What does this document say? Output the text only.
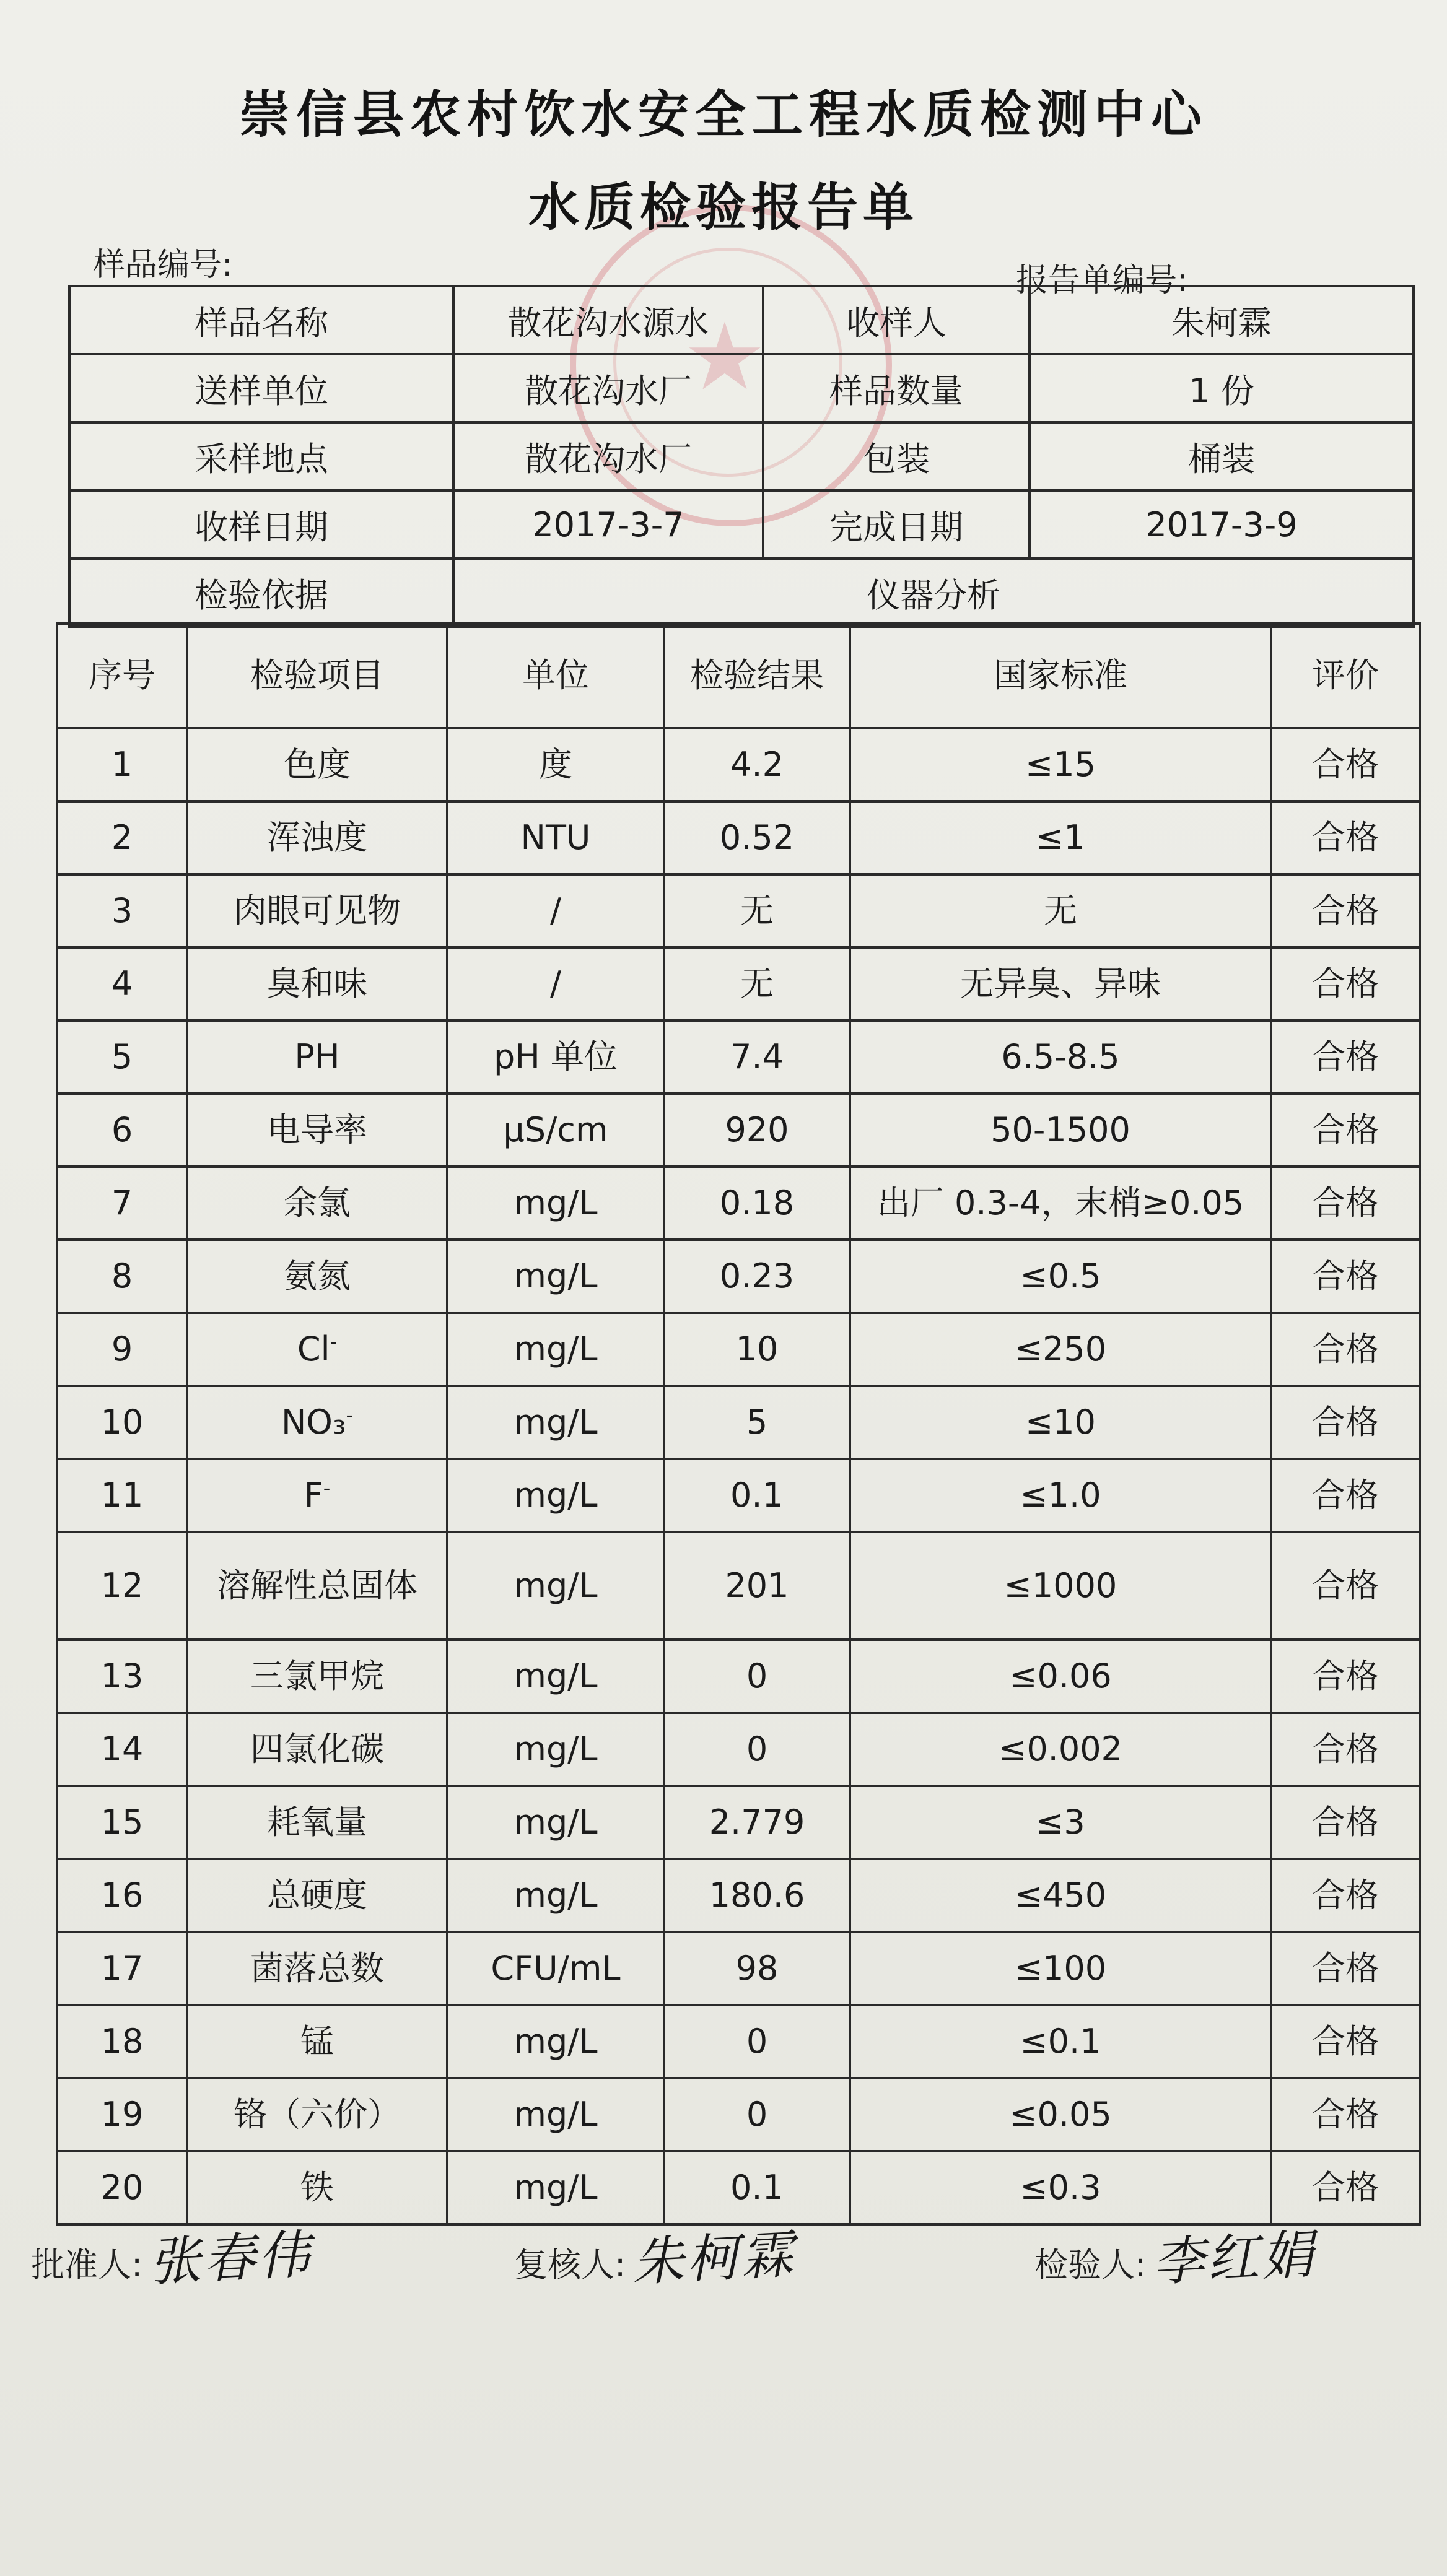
★
崇信县农村饮水安全工程水质检测中心
水质检验报告单
样品编号:	报告单编号:
样品名称	散花沟水源水	收样人	朱柯霖
送样单位	散花沟水厂	样品数量	1 份
采样地点	散花沟水厂	包装	桶装
收样日期	2017-3-7	完成日期	2017-3-9
检验依据	仪器分析		
序号	检验项目	单位	检验结果	国家标准	评价
1	色度	度	4.2	≤15	合格
2	浑浊度	NTU	0.52	≤1	合格
3	肉眼可见物	/	无	无	合格
4	臭和味	/	无	无异臭、异味	合格
5	PH	pH 单位	7.4	6.5-8.5	合格
6	电导率	μS/cm	920	50-1500	合格
7	余氯	mg/L	0.18	出厂 0.3-4，末梢≥0.05	合格
8	氨氮	mg/L	0.23	≤0.5	合格
9	Cl-	mg/L	10	≤250	合格
10	NO₃-	mg/L	5	≤10	合格
11	F-	mg/L	0.1	≤1.0	合格
12	溶解性总固体	mg/L	201	≤1000	合格
13	三氯甲烷	mg/L	0	≤0.06	合格
14	四氯化碳	mg/L	0	≤0.002	合格
15	耗氧量	mg/L	2.779	≤3	合格
16	总硬度	mg/L	180.6	≤450	合格
17	菌落总数	CFU/mL	98	≤100	合格
18	锰	mg/L	0	≤0.1	合格
19	铬（六价）	mg/L	0	≤0.05	合格
20	铁	mg/L	0.1	≤0.3	合格
批准人:张春伟	复核人:朱柯霖	检验人:李红娟
